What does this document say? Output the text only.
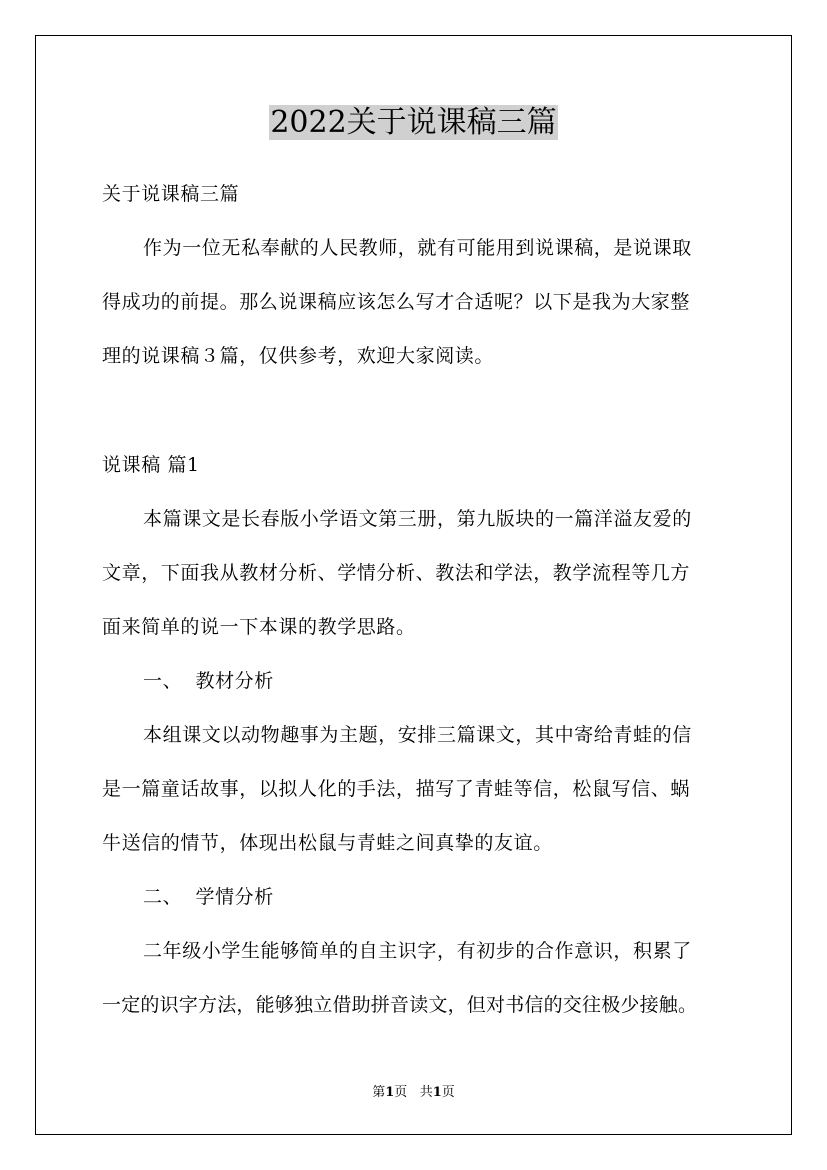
2022关于说课稿三篇
关于说课稿三篇
作为一位无私奉献的人民教师，就有可能用到说课稿，是说课取
得成功的前提。那么说课稿应该怎么写才合适呢？以下是我为大家整
理的说课稿３篇，仅供参考，欢迎大家阅读。
说课稿 篇1
本篇课文是长春版小学语文第三册，第九版块的一篇洋溢友爱的
文章，下面我从教材分析、学情分析、教法和学法，教学流程等几方
面来简单的说一下本课的教学思路。
一、  教材分析
本组课文以动物趣事为主题，安排三篇课文，其中寄给青蛙的信
是一篇童话故事，以拟人化的手法，描写了青蛙等信，松鼠写信、蜗
牛送信的情节，体现出松鼠与青蛙之间真挚的友谊。
二、  学情分析
二年级小学生能够简单的自主识字，有初步的合作意识，积累了
一定的识字方法，能够独立借助拼音读文，但对书信的交往极少接触。
第1页   共1页
